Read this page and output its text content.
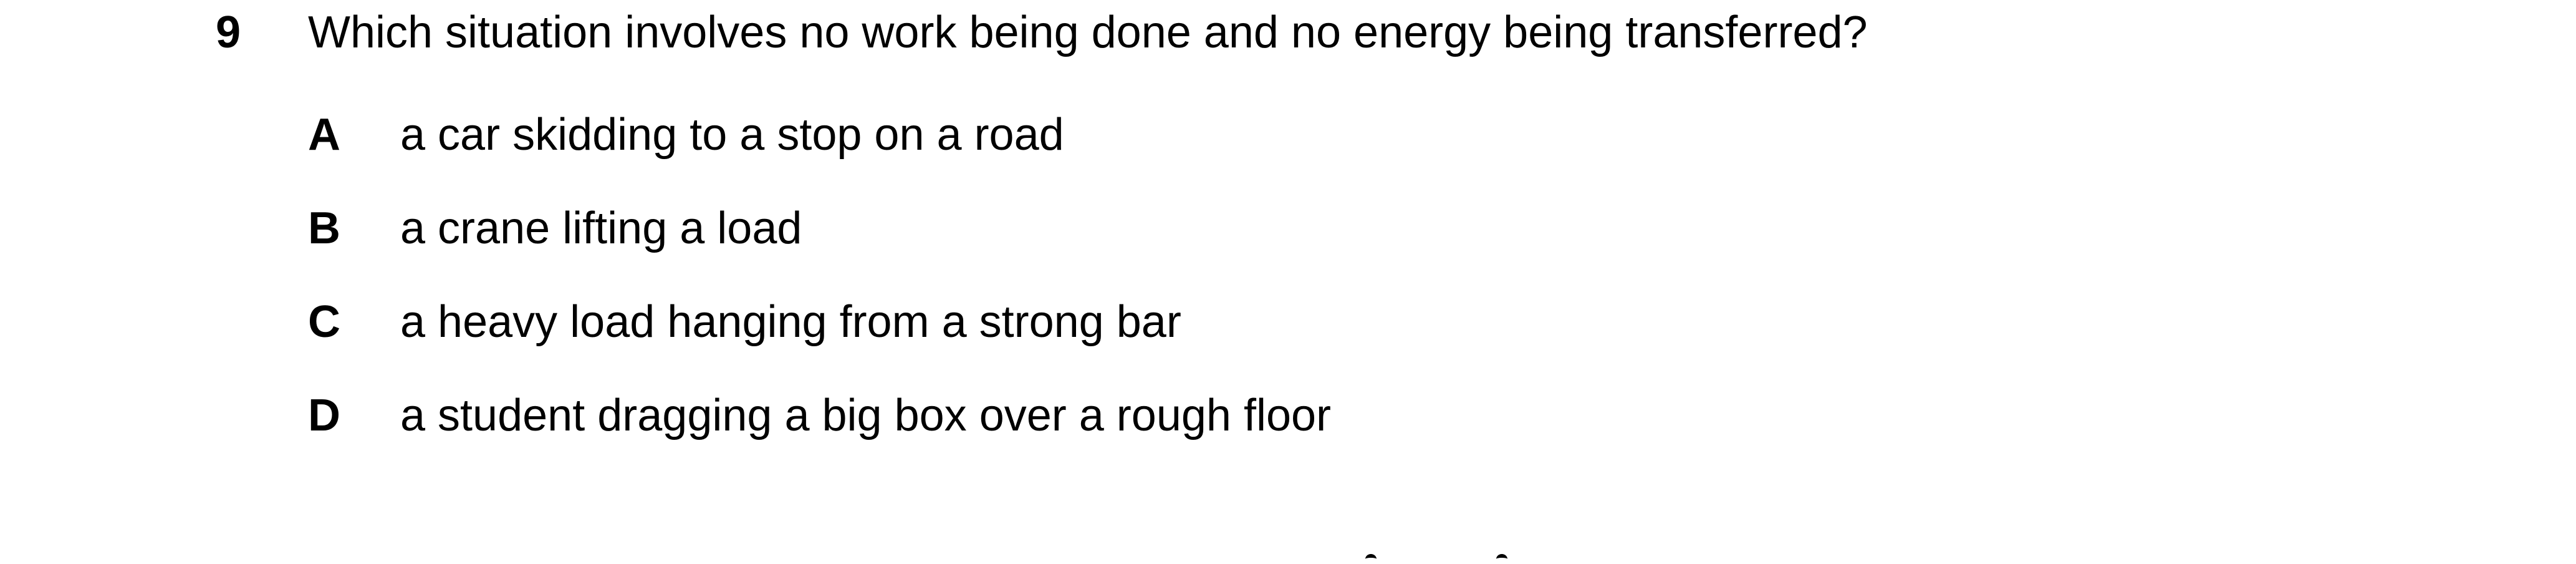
9 Which situation involves no work being done and no energy being transferred?
A a car skidding to a stop on a road
B a crane lifting a load
C a heavy load hanging from a strong bar
D a student dragging a big box over a rough floor
